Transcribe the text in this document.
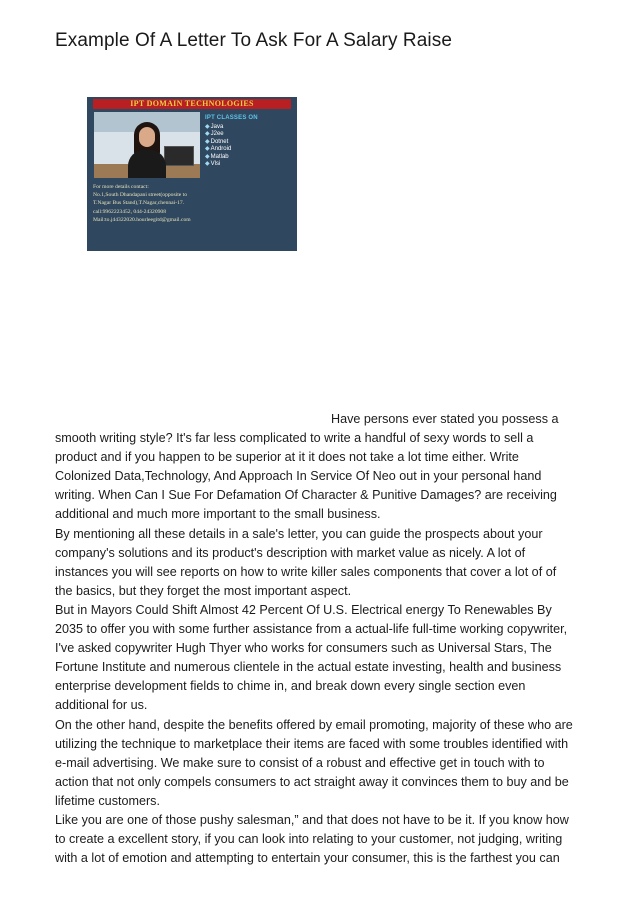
Example Of A Letter To Ask For A Salary Raise
IPT DOMAIN TECHNOLOGIES
IPT CLASSES ON
◆Java
◆J2ee
◆Dotnet
◆Android
◆Matlab
◆Vlsi
For more details contact:
No.1,South Dhandapani street(opposite to
T.Nagar Bus Stand),T.Nagar,chennai-17.
call:9962223452, 044-24320908
Mail:to.j44322020.hourleegitd@gmail.com
Have persons ever stated you possess a
smooth writing style? It's far less complicated to write a handful of sexy words to sell a
product and if you happen to be superior at it it does not take a lot time either. Write
Colonized Data,Technology, And Approach In Service Of Neo out in your personal hand
writing. When Can I Sue For Defamation Of Character & Punitive Damages? are receiving
additional and much more important to the small business.
By mentioning all these details in a sale's letter, you can guide the prospects about your
company's solutions and its product's description with market value as nicely. A lot of
instances you will see reports on how to write killer sales components that cover a lot of of
the basics, but they forget the most important aspect.
But in Mayors Could Shift Almost 42 Percent Of U.S. Electrical energy To Renewables By
2035 to offer you with some further assistance from a actual-life full-time working copywriter,
I've asked copywriter Hugh Thyer who works for consumers such as Universal Stars, The
Fortune Institute and numerous clientele in the actual estate investing, health and business
enterprise development fields to chime in, and break down every single section even
additional for us.
On the other hand, despite the benefits offered by email promoting, majority of these who are
utilizing the technique to marketplace their items are faced with some troubles identified with
e-mail advertising. We make sure to consist of a robust and effective get in touch with to
action that not only compels consumers to act straight away it convinces them to buy and be
lifetime customers.
Like you are one of those pushy salesman,” and that does not have to be it. If you know how
to create a excellent story, if you can look into relating to your customer, not judging, writing
with a lot of emotion and attempting to entertain your consumer, this is the farthest you can
